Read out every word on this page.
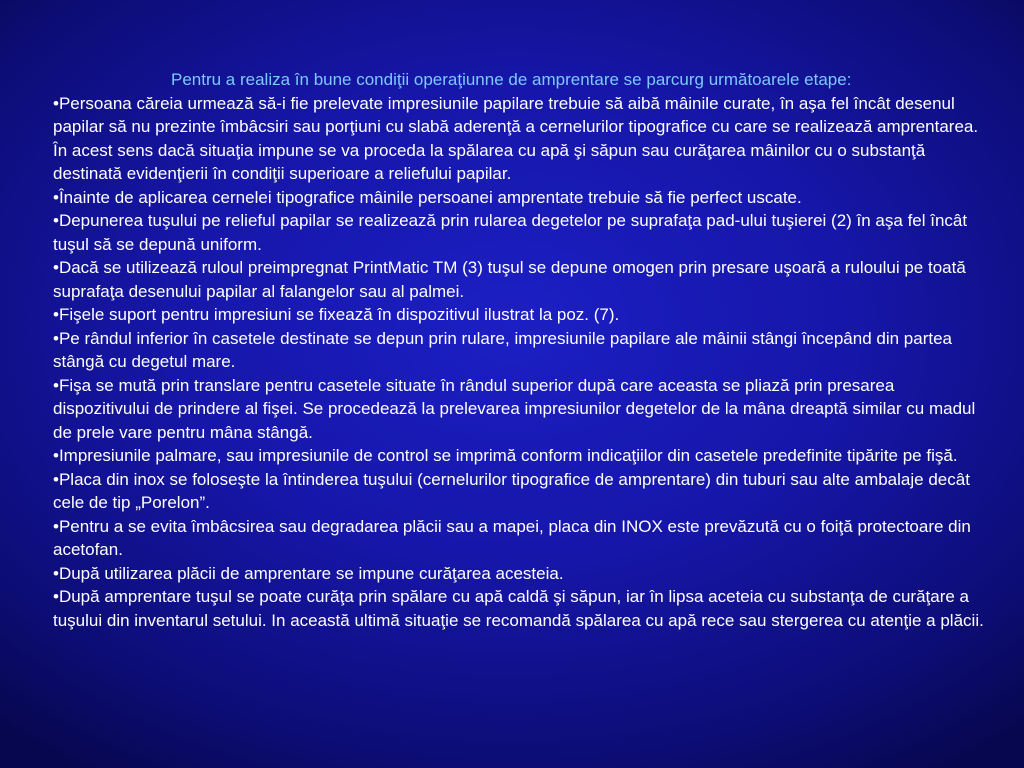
Pentru a realiza în bune condiţii operaţiunne de amprentare se parcurg următoarele etape:

•Persoana căreia urmează să-i fie prelevate impresiunile papilare trebuie să aibă mâinile curate, în aşa fel încât desenul papilar să nu prezinte îmbâcsiri sau porţiuni cu slabă aderenţă a cernelurilor tipografice cu care se realizează amprentarea. În acest sens dacă situaţia impune se va proceda la spălarea cu apă şi săpun sau curăţarea mâinilor cu o substanţă destinată evidenţierii în condiţii superioare a reliefului papilar.

•Înainte de aplicarea cernelei tipografice mâinile persoanei amprentate trebuie să fie perfect uscate.

•Depunerea tuşului pe relieful papilar se realizează prin rularea degetelor pe suprafaţa pad-ului tuşierei (2) în aşa fel încât tuşul să se depună uniform.

•Dacă se utilizează ruloul preimpregnat PrintMatic TM (3) tuşul se depune omogen prin presare uşoară a ruloului pe toată suprafaţa desenului papilar al falangelor sau al palmei.

•Fişele suport pentru impresiuni se fixează în dispozitivul ilustrat la poz. (7).

•Pe rândul inferior în casetele destinate se depun prin rulare, impresiunile papilare ale mâinii stângi începând din partea stângă cu degetul mare.

•Fişa se mută prin translare pentru casetele situate în rândul superior după care aceasta se pliază prin presarea dispozitivului de prindere al fişei. Se procedează la prelevarea impresiunilor degetelor de la mâna dreaptă similar cu madul de prele vare pentru mâna stângă.

•Impresiunile palmare, sau impresiunile de control se imprimă conform indicaţiilor din casetele predefinite tipărite pe fişă.

•Placa din inox se foloseşte la întinderea tuşului (cernelurilor tipografice de amprentare) din tuburi sau alte ambalaje decât cele de tip „Porelon”.

•Pentru a se evita îmbâcsirea sau degradarea plăcii sau a mapei, placa din INOX este prevăzută cu o foiţă protectoare din acetofan.

•După utilizarea plăcii de amprentare se impune curăţarea acesteia.

•După amprentare tuşul se poate curăţa prin spălare cu apă caldă şi săpun, iar în lipsa aceteia cu substanţa de curăţare a tuşului din inventarul setului. In această ultimă situaţie se recomandă spălarea cu apă rece sau stergerea cu atenţie a plăcii.
